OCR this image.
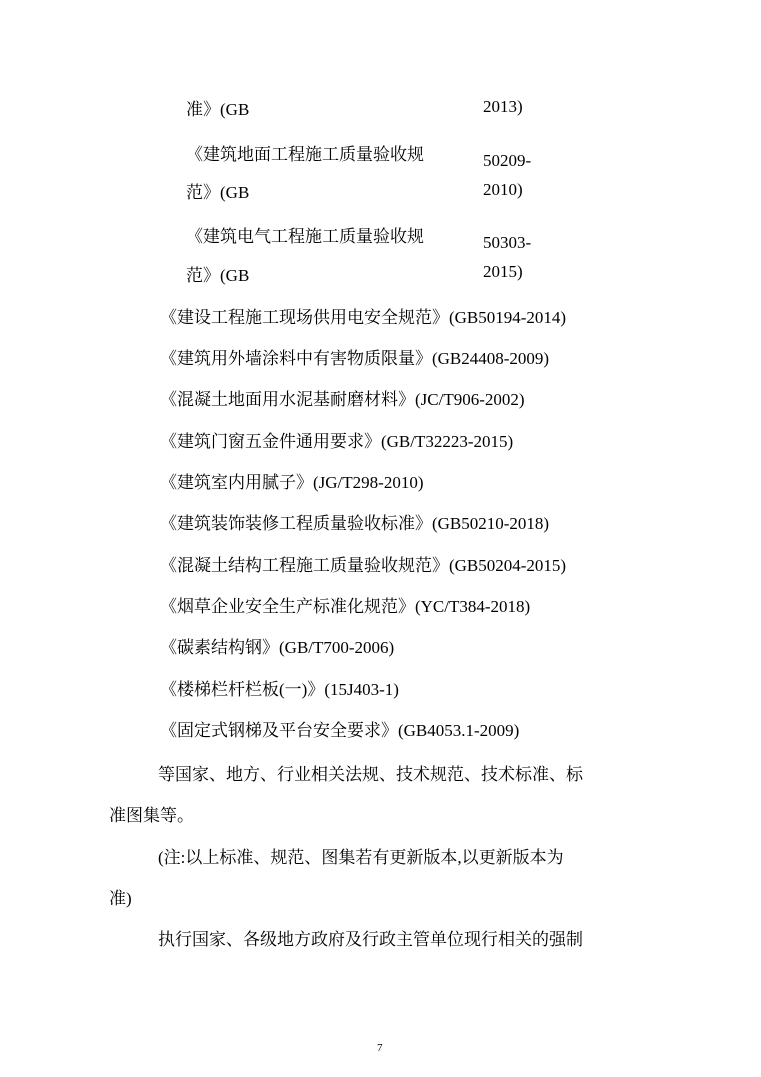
准》(GB	2013)
《建筑地面工程施工质量验收规
范》(GB
50209-
2010)
《建筑电气工程施工质量验收规
范》(GB
50303-
2015)
《建设工程施工现场供用电安全规范》(GB50194-2014)
《建筑用外墙涂料中有害物质限量》(GB24408-2009)
《混凝土地面用水泥基耐磨材料》(JC/T906-2002)
《建筑门窗五金件通用要求》(GB/T32223-2015)
《建筑室内用腻子》(JG/T298-2010)
《建筑装饰装修工程质量验收标准》(GB50210-2018)
《混凝土结构工程施工质量验收规范》(GB50204-2015)
《烟草企业安全生产标准化规范》(YC/T384-2018)
《碳素结构钢》(GB/T700-2006)
《楼梯栏杆栏板(一)》(15J403-1)
《固定式钢梯及平台安全要求》(GB4053.1-2009)
等国家、地方、行业相关法规、技术规范、技术标准、标
准图集等。
(注:以上标准、规范、图集若有更新版本,以更新版本为
准)
执行国家、各级地方政府及行政主管单位现行相关的强制
7
